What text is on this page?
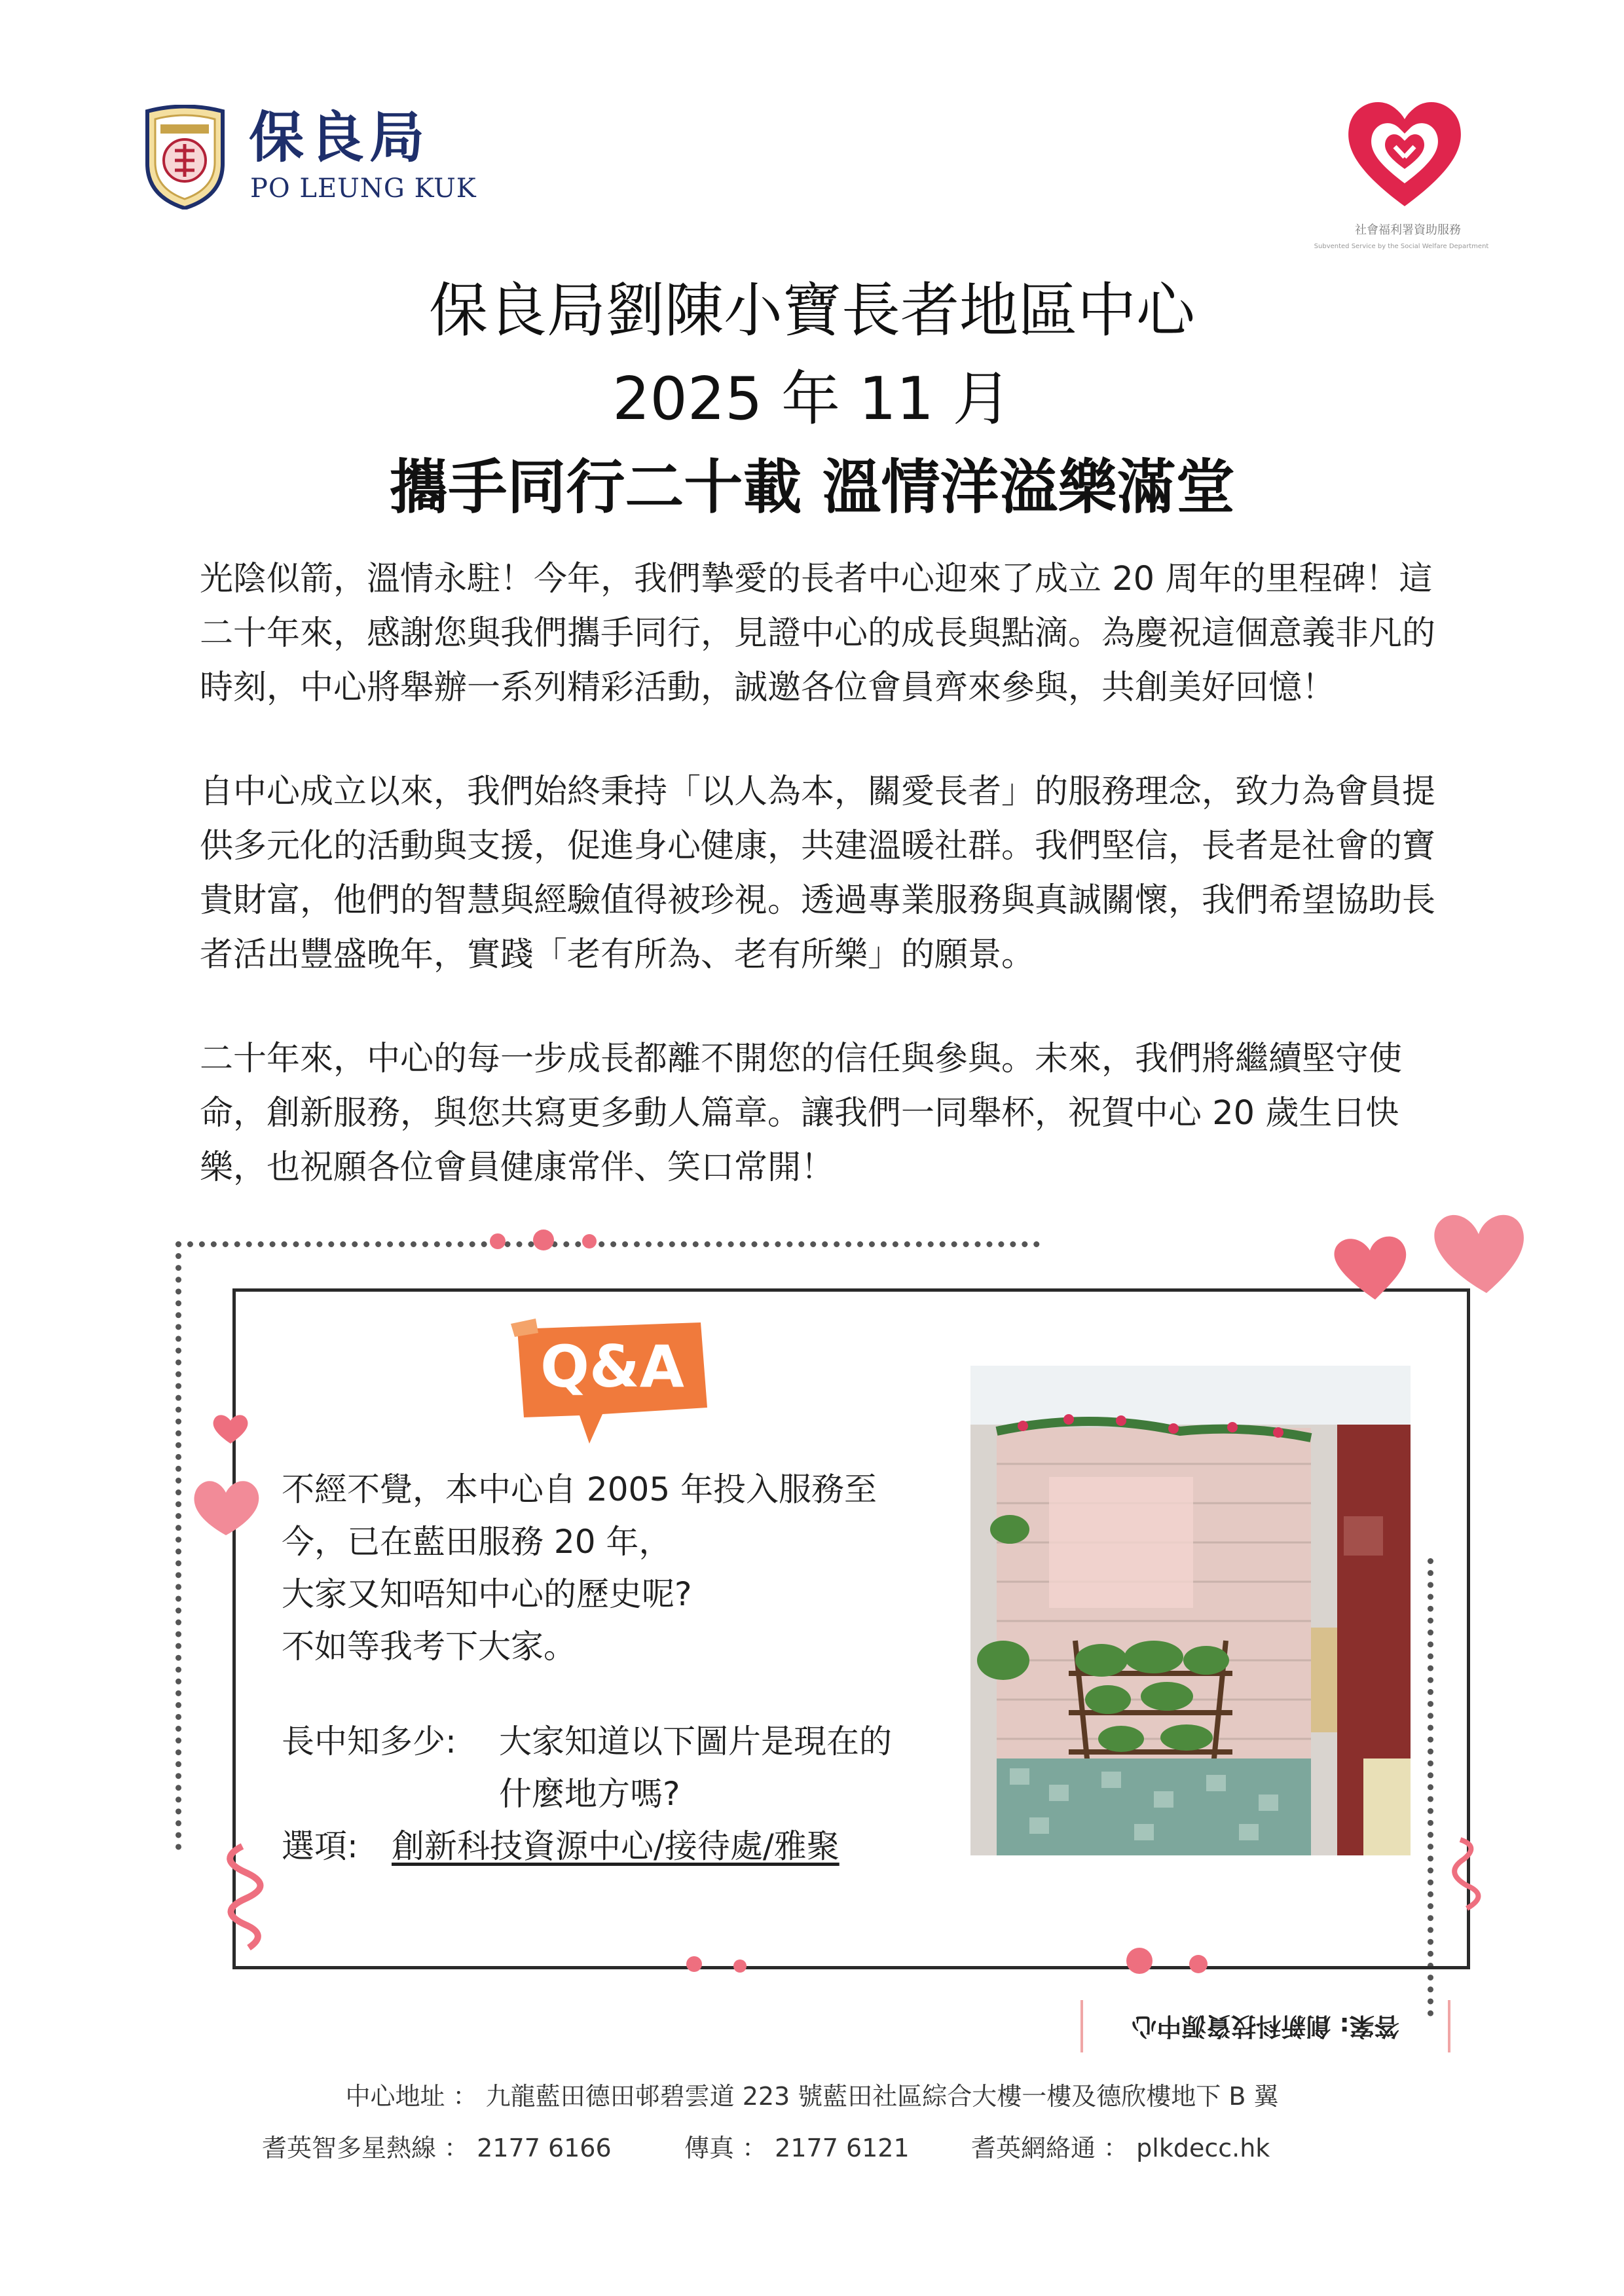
保良局
PO LEUNG KUK
社會福利署資助服務
Subvented Service by the Social Welfare Department
保良局劉陳小寶長者地區中心
2025 年 11 月
攜手同行二十載 溫情洋溢樂滿堂

光陰似箭，溫情永駐！今年，我們摯愛的長者中心迎來了成立 20 周年的里程碑！這二十年來，感謝您與我們攜手同行，見證中心的成長與點滴。為慶祝這個意義非凡的時刻，中心將舉辦一系列精彩活動，誠邀各位會員齊來參與，共創美好回憶！

自中心成立以來，我們始終秉持「以人為本，關愛長者」的服務理念，致力為會員提供多元化的活動與支援，促進身心健康，共建溫暖社群。我們堅信，長者是社會的寶貴財富，他們的智慧與經驗值得被珍視。透過專業服務與真誠關懷，我們希望協助長者活出豐盛晚年，實踐「老有所為、老有所樂」的願景。

二十年來，中心的每一步成長都離不開您的信任與參與。未來，我們將繼續堅守使命，創新服務，與您共寫更多動人篇章。讓我們一同舉杯，祝賀中心 20 歲生日快樂，也祝願各位會員健康常伴、笑口常開！

Q&A

不經不覺，本中心自 2005 年投入服務至

今，已在藍田服務 20 年，

大家又知唔知中心的歷史呢?

不如等我考下大家。

長中知多少: 大家知道以下圖片是現在的
什麼地方嗎?
選項: 創新科技資源中心/接待處/雅聚
答案: 創新科技資源中心
中心地址 ： 九龍藍田德田邨碧雲道 223 號藍田社區綜合大樓一樓及德欣樓地下 B 翼
耆英智多星熱線 ： 2177 6166	傳真 ： 2177 6121 耆英網絡通 ： plkdecc.hk
